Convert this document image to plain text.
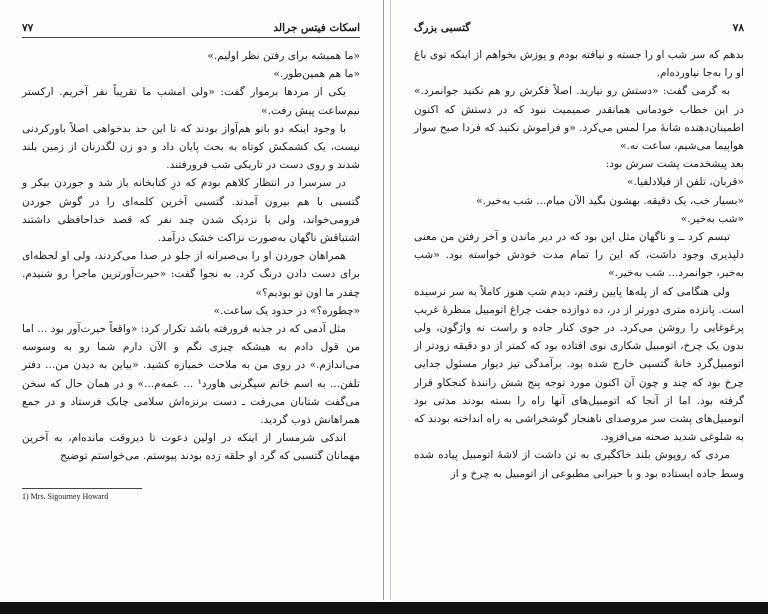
اسکات فیتس جرالد
۷۷

«ما همیشه برای رفتن نظر اولیم.»

«ما هم همین‌طور.»

یکی از مردها برموار گفت: «ولی امشب ما تقریباً نفر آخریم. ارکستر نیم‌ساعت پیش رفت.»

با وجود اینکه دو بانو هم‌آواز بودند که تا این حد بدخواهی اصلاً باورکردنی نیست، یک کشمکش کوتاه به بحث پایان داد و دو زن لگدزنان از زمین بلند شدند و روی دست در تاریکی شب فرورفتند.

در سرسرا در انتظار کلاهم بودم که درِ کتابخانه باز شد و جوردن بیکر و گتسبی با هم بیرون آمدند. گتسبی آخرین کلمه‌ای را در گوش جوردن فرومی‌خواند، ولی با نزدیک شدن چند نفر که قصد خداحافظی داشتند اشتیاقش ناگهان به‌صورت نزاکت خشک درآمد.

همراهان جوردن او را بی‌صبرانه از جلو در صدا می‌کردند، ولی او لحظه‌ای برای دست دادن درنگ کرد. به نجوا گفت: «حیرت‌آورترین ماجرا رو شنیدم. چقدر ما اون تو بودیم؟»

«چطوره؟» در حدود یک ساعت.»

مثل آدمی که در جذبه فرورفته باشد تکرار کرد: «واقعاً حیرت‌آور بود ... اما من قول دادم به هیشکه چیزی نگم و الآن دارم شما رو به وسوسه می‌اندازم.» در روی من به ملاحت خمیازه کشید. «بیاین به دیدن من... دفتر تلفن... به اسم خانم سیگرنی هاورد¹ ... عمه‌م...» و در همان حال که سخن می‌گفت شتابان می‌رفت ـ دست برنزه‌اش سلامی چابک فرستاد و در جمع همراهانش ذوب گردید.

اندکی شرمسار از اینکه در اولین دعوت تا دیروقت مانده‌ام، به آخرین مهمانان گتسبی که گرد او حلقه زده بودند پیوستم. می‌خواستم توضیح

1) Mrs. Sigourney Howard
۷۸
گتسبی بزرگ

بدهم که سر شب او را جسته و نیافته بودم و پوزش بخواهم از اینکه توی باغ او را به‌جا نیاورده‌ام.

به گرمی گفت: «دستش رو نیارید. اصلاً فکرش رو هم نکنید جوانمرد.» در این خطاب خودمانی همانقدر صمیمیت نبود که در دستش که اکنون اطمینان‌دهنده شانهٔ مرا لمس می‌کرد. «و فراموش نکنید که فردا صبح سوار هواپیما می‌شیم، ساعت نه.»

بعد پیشخدمت پشت سرش بود:

«قربان، تلفن از فیلادلفیا.»

«بسیار خب، یک دقیقه. بهشون بگید الآن میام... شب به‌خیر.»

«شب به‌خیر.»

تبسم کرد ــ و ناگهان مثل این بود که در دیر ماندن و آخر رفتن من معنی دلپذیری وجود داشت، که این را تمام مدت خودش خواسته بود. «شب به‌خیر، جوانمرد... شب به‌خیر.»

ولی هنگامی که از پله‌ها پایین رفتم، دیدم شب هنوز کاملاً به سر نرسیده است. پانزده متری دورتر از در، ده دوازده جفت چراغ اتومبیل منظرهٔ غریب پرغوغایی را روشن می‌کرد. در جوی کنار جاده و راست نه واژگون، ولی بدون یک چرخ، اتومبیل شکاری نوی افتاده بود که کمتر از دو دقیقه زودتر از اتومبیل‌گرد خانهٔ گتسبی خارج شده بود. برآمدگی تیز دیوار مسئول جدایی چرخ بود که چند و چون آن اکنون مورد توجه پنج شش رانندهٔ کنجکاو قرار گرفته بود. اما از آنجا که اتومبیل‌های آنها راه را بسته بودند مدتی بود اتومبیل‌های پشت سر مروصدای ناهنجار گوشخراشی به راه انداخته بودند که به شلوغی شدید صحنه می‌افزود.

مردی که روپوش بلند خاکگیری به تن داشت از لاشهٔ اتومبیل پیاده شده وسط جاده ایستاده بود و با حیرانی مطبوعی از اتومبیل به چرخ و از
